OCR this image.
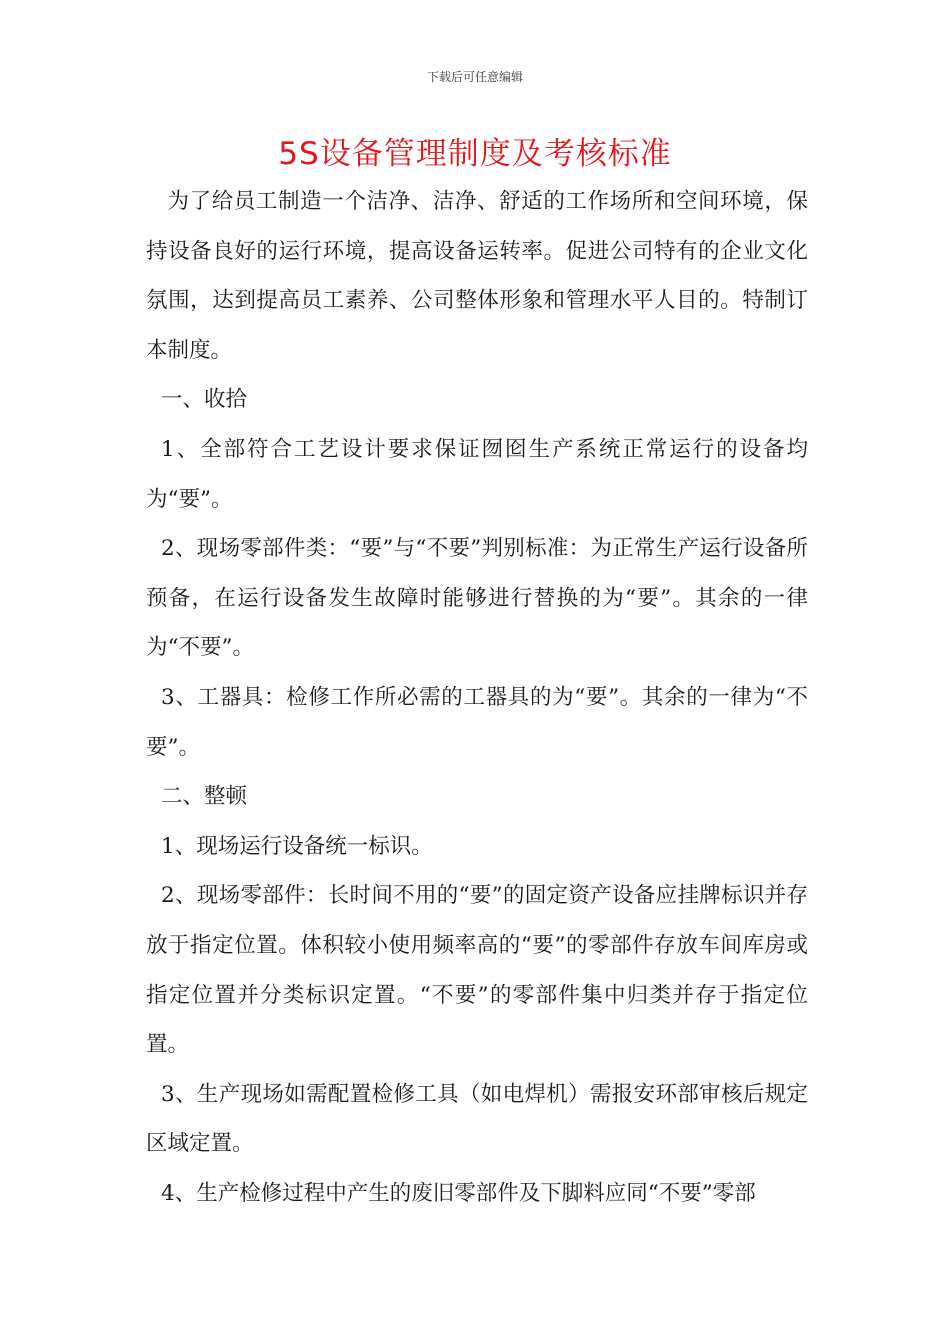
下载后可任意编辑
5S设备管理制度及考核标准

为了给员工制造一个洁净、洁净、舒适的工作场所和空间环境，保持设备良好的运行环境，提高设备运转率。促进公司特有的企业文化氛围，达到提高员工素养、公司整体形象和管理水平人目的。特制订本制度。

一、收拾

1、全部符合工艺设计要求保证囫囵生产系统正常运行的设备均为“要”。

2、现场零部件类：“要”与“不要”判别标准：为正常生产运行设备所预备，在运行设备发生故障时能够进行替换的为“要”。其余的一律为“不要”。

3、工器具：检修工作所必需的工器具的为“要”。其余的一律为“不要”。

二、整顿

1、现场运行设备统一标识。

2、现场零部件：长时间不用的“要”的固定资产设备应挂牌标识并存放于指定位置。体积较小使用频率高的“要”的零部件存放车间库房或指定位置并分类标识定置。“不要”的零部件集中归类并存于指定位置。

3、生产现场如需配置检修工具（如电焊机）需报安环部审核后规定区域定置。

4、生产检修过程中产生的废旧零部件及下脚料应同“不要”零部
